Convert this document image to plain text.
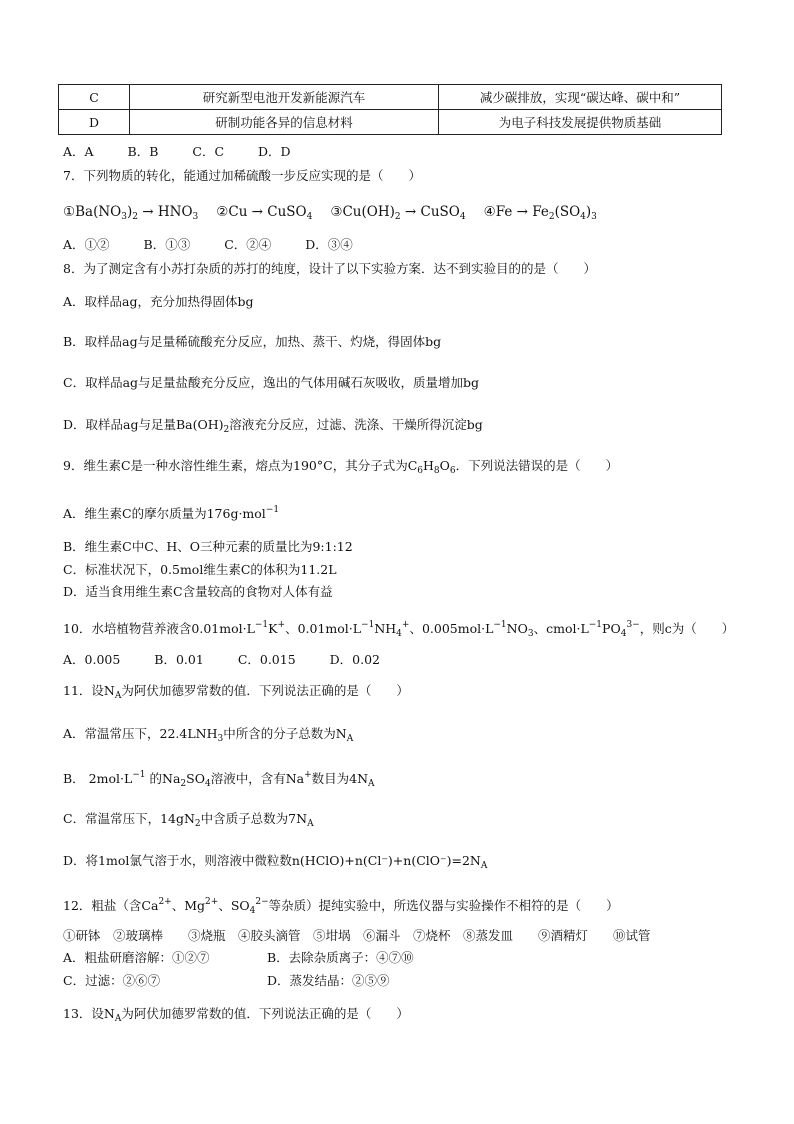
C	研究新型电池开发新能源汽车	减少碳排放，实现“碳达峰、碳中和”
D	研制功能各异的信息材料	为电子科技发展提供物质基础
A．A	B．B	C．C	D．D
7．下列物质的转化，能通过加稀硫酸一步反应实现的是（　　）
$①Ba(NO_3)_2 \to HNO_3$ ②Cu → CuSO$_4$ $③Cu(OH)_2$ → CuSO$_4$ ④Fe → $Fe_2(SO_4)_3$
A．①②	B．①③	C．②④	D．③④
8．为了测定含有小苏打杂质的苏打的纯度，设计了以下实验方案．达不到实验目的的是（　　）
A．取样品ag，充分加热得固体bg
B．取样品ag与足量稀硫酸充分反应，加热、蒸干、灼烧，得固体bg
C．取样品ag与足量盐酸充分反应，逸出的气体用碱石灰吸收，质量增加bg
D．取样品ag与足量$Ba(OH)_2$溶液充分反应，过滤、洗涤、干燥所得沉淀bg
9．维生素C是一种水溶性维生素，熔点为190°C，其分子式为$C_6H_8O_6$．下列说法错误的是（　　）
A．维生素C的摩尔质量为176g·mol$^{-1}$
B．维生素C中C、H、O三种元素的质量比为9:1:12
C．标准状况下，0.5mol维生素C的体积为11.2L
D．适当食用维生素C含量较高的食物对人体有益
10．水培植物营养液含$0.01mol\cdot L^{-1}K^+$、$0.01mol\cdot L^{-1}NH_4^+$、$0.005mol\cdot L^{-1}NO_3$、$cmol\cdot L^{-1}PO_4^{3-}$，则c为（　　）
A．0.005	B．0.01	C．0.015	D．0.02
11．设$N_A$为阿伏加德罗常数的值．下列说法正确的是（　　）
A．常温常压下，$22.4LNH_3$中所含的分子总数为$N_A$
B． $2mol\cdot L^{-1}$ 的$Na_2SO_4$溶液中，含有Na+数目为$4N_A$
C．常温常压下，$14gN_2$中含质子总数为$7N_A$
D．将1mol氯气溶于水，则溶液中微粒数$n(HClO)+n(Cl^-)+n(ClO^-)=2N_A$
12．粗盐（含$Ca^{2+}$、$Mg^{2+}$、$SO_4^{2-}$等杂质）提纯实验中，所选仪器与实验操作不相符的是（　　）
①研钵　②玻璃棒　　③烧瓶　④胶头滴管　⑤坩埚　⑥漏斗　⑦烧杯　⑧蒸发皿　　⑨酒精灯　　⑩试管
A．粗盐研磨溶解：①②⑦	B．去除杂质离子：④⑦⑩
C．过滤：②⑥⑦	D．蒸发结晶：②⑤⑨
13．设$N_A$为阿伏加德罗常数的值．下列说法正确的是（　　）
